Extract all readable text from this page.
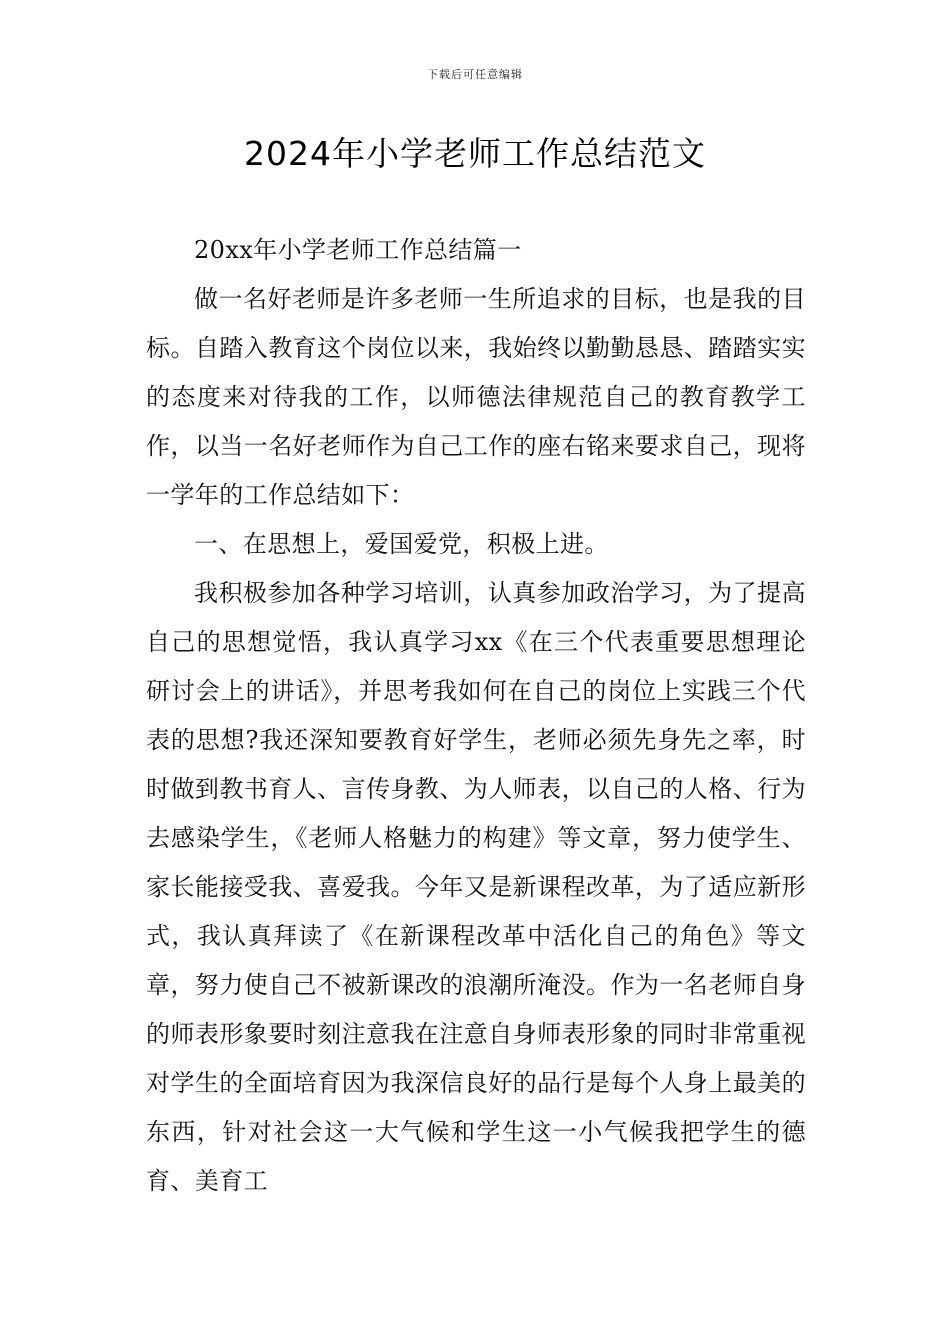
下载后可任意编辑
2024年小学老师工作总结范文

20xx年小学老师工作总结篇一

做一名好老师是许多老师一生所追求的目标，也是我的目标。自踏入教育这个岗位以来，我始终以勤勤恳恳、踏踏实实的态度来对待我的工作，以师德法律规范自己的教育教学工作，以当一名好老师作为自己工作的座右铭来要求自己，现将一学年的工作总结如下：

一、在思想上，爱国爱党，积极上进。

我积极参加各种学习培训，认真参加政治学习，为了提高自己的思想觉悟，我认真学习xx《在三个代表重要思想理论研讨会上的讲话》，并思考我如何在自己的岗位上实践三个代表的思想?我还深知要教育好学生，老师必须先身先之率，时时做到教书育人、言传身教、为人师表，以自己的人格、行为去感染学生，《老师人格魅力的构建》等文章，努力使学生、家长能接受我、喜爱我。今年又是新课程改革，为了适应新形式，我认真拜读了《在新课程改革中活化自己的角色》等文章，努力使自己不被新课改的浪潮所淹没。作为一名老师自身的师表形象要时刻注意我在注意自身师表形象的同时非常重视对学生的全面培育因为我深信良好的品行是每个人身上最美的东西，针对社会这一大气候和学生这一小气候我把学生的德育、美育工
